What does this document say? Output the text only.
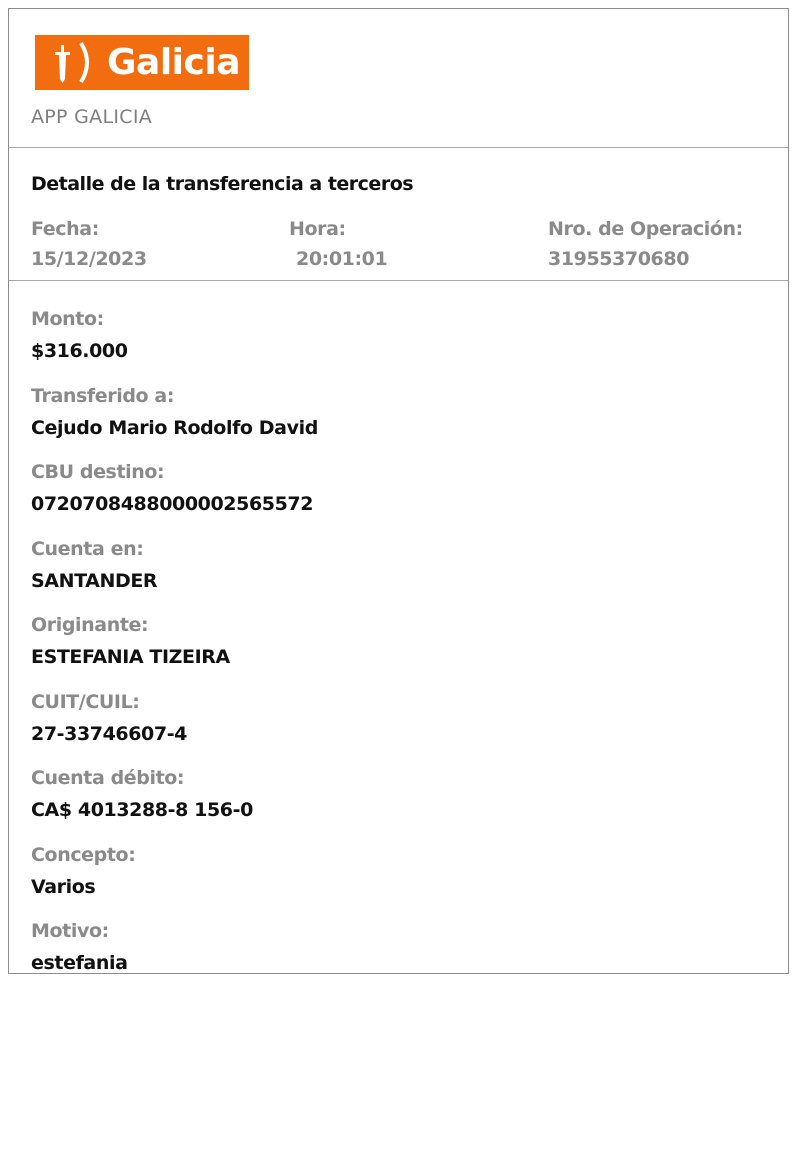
Galicia
APP GALICIA
Detalle de la transferencia a terceros
Fecha:
15/12/2023
Hora:
20:01:01
Nro. de Operación:
31955370680
Monto:
$316.000
Transferido a:
Cejudo Mario Rodolfo David
CBU destino:
0720708488000002565572
Cuenta en:
SANTANDER
Originante:
ESTEFANIA TIZEIRA
CUIT/CUIL:
27-33746607-4
Cuenta débito:
CA$ 4013288-8 156-0
Concepto:
Varios
Motivo:
estefania
